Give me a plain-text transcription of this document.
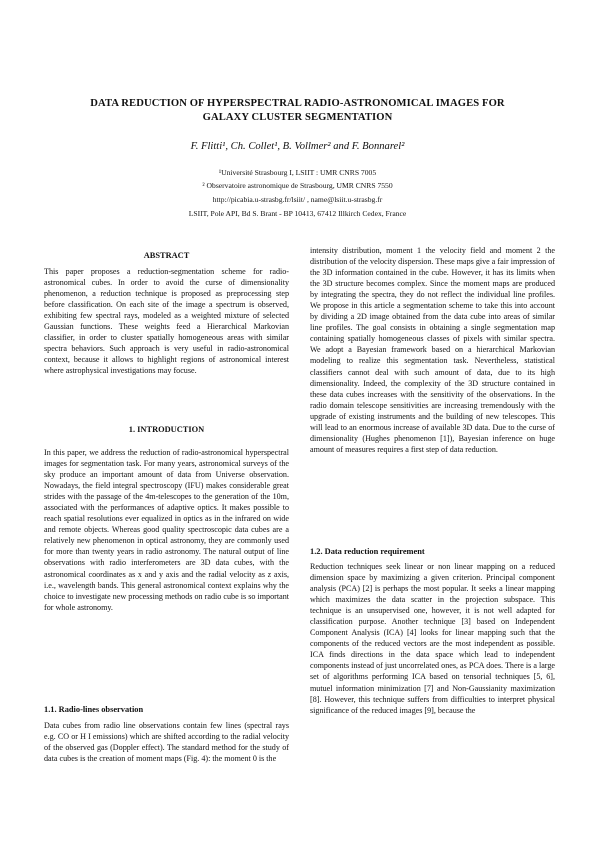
DATA REDUCTION OF HYPERSPECTRAL RADIO-ASTRONOMICAL IMAGES FOR
GALAXY CLUSTER SEGMENTATION
F. Flitti¹, Ch. Collet¹, B. Vollmer² and F. Bonnarel²
¹Université Strasbourg I, LSIIT : UMR CNRS 7005
² Observatoire astronomique de Strasbourg, UMR CNRS 7550
http://picabia.u-strasbg.fr/lsiit/ , name@lsiit.u-strasbg.fr
LSIIT, Pole API, Bd S. Brant - BP 10413, 67412 Illkirch Cedex, France
ABSTRACT

This paper proposes a reduction-segmentation scheme for radio-astronomical cubes. In order to avoid the curse of dimensionality phenomenon, a reduction technique is proposed as preprocessing step before classification. On each site of the image a spectrum is observed, exhibiting few spectral rays, modeled as a weighted mixture of selected Gaussian functions. These weights feed a Hierarchical Markovian classifier, in order to cluster spatially homogeneous areas with similar spectra behaviors. Such approach is very useful in radio-astronomical context, because it allows to highlight regions of astronomical interest where astrophysical investigations may focuse.

1. INTRODUCTION

In this paper, we address the reduction of radio-astronomical hyperspectral images for segmentation task. For many years, astronomical surveys of the sky produce an important amount of data from Universe observation. Nowadays, the field integral spectroscopy (IFU) makes considerable great strides with the passage of the 4m-telescopes to the generation of the 10m, associated with the performances of adaptive optics. It makes possible to reach spatial resolutions ever equalized in optics as in the infrared on wide and remote objects. Whereas good quality spectroscopic data cubes are a relatively new phenomenon in optical astronomy, they are commonly used for more than twenty years in radio astronomy. The natural output of line observations with radio interferometers are 3D data cubes, with the astronomical coordinates as x and y axis and the radial velocity as z axis, i.e., wavelength bands. This general astronomical context explains why the choice to investigate new processing methods on radio cube is so important for whole astronomy.

1.1. Radio-lines observation

Data cubes from radio line observations contain few lines (spectral rays e.g. CO or H I emissions) which are shifted according to the radial velocity of the observed gas (Doppler effect). The standard method for the study of data cubes is the creation of moment maps (Fig. 4): the moment 0 is the

intensity distribution, moment 1 the velocity field and moment 2 the distribution of the velocity dispersion. These maps give a fair impression of the 3D information contained in the cube. However, it has its limits when the 3D structure becomes complex. Since the moment maps are produced by integrating the spectra, they do not reflect the individual line profiles. We propose in this article a segmentation scheme to take this into account by dividing a 2D image obtained from the data cube into areas of similar line profiles. The goal consists in obtaining a single segmentation map containing spatially homogeneous classes of pixels with similar spectra. We adopt a Bayesian framework based on a hierarchical Markovian modeling to realize this segmentation task. Nevertheless, statistical classifiers cannot deal with such amount of data, due to its high dimensionality. Indeed, the complexity of the 3D structure contained in these data cubes increases with the sensitivity of the observations. In the radio domain telescope sensitivities are increasing tremendously with the upgrade of existing instruments and the building of new telescopes. This will lead to an enormous increase of available 3D data. Due to the curse of dimensionality (Hughes phenomenon [1]), Bayesian inference on huge amount of measures requires a first step of data reduction.

1.2. Data reduction requirement

Reduction techniques seek linear or non linear mapping on a reduced dimension space by maximizing a given criterion. Principal component analysis (PCA) [2] is perhaps the most popular. It seeks a linear mapping which maximizes the data scatter in the projection subspace. This technique is an unsupervised one, however, it is not well adapted for classification purpose. Another technique [3] based on Independent Component Analysis (ICA) [4] looks for linear mapping such that the components of the reduced vectors are the most independent as possible. ICA finds directions in the data space which lead to independent components instead of just uncorrelated ones, as PCA does. There is a large set of algorithms performing ICA based on tensorial techniques [5, 6], mutuel information minimization [7] and Non-Gaussianity maximization [8]. However, this technique suffers from difficulties to interpret physical significance of the reduced images [9], because the
